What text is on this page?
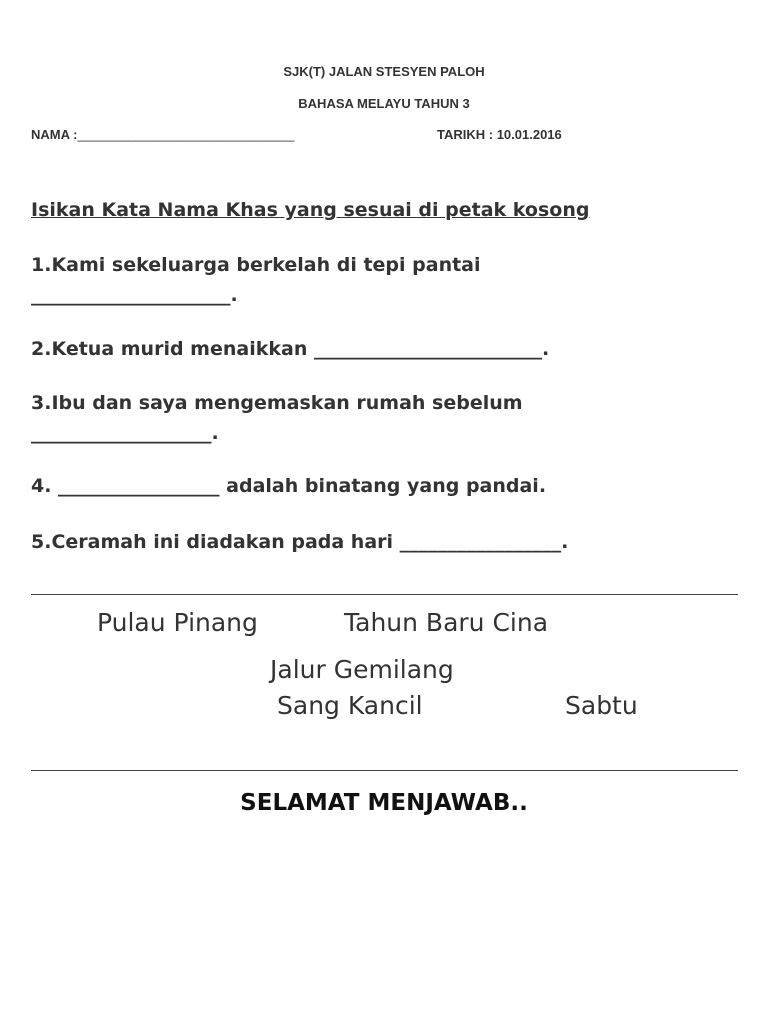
SJK(T) JALAN STESYEN PALOH
BAHASA MELAYU TAHUN 3
NAMA :______________________________	TARIKH : 10.01.2016
Isikan Kata Nama Khas yang sesuai di petak kosong
1.Kami sekeluarga berkelah di tepi pantai
_____________________.
2.Ketua murid menaikkan ________________________.
3.Ibu dan saya mengemaskan rumah sebelum
___________________.
4. _________________ adalah binatang yang pandai.
5.Ceramah ini diadakan pada hari _________________.
Pulau Pinang	Tahun Baru Cina
Jalur Gemilang
Sang Kancil	Sabtu
SELAMAT MENJAWAB..
